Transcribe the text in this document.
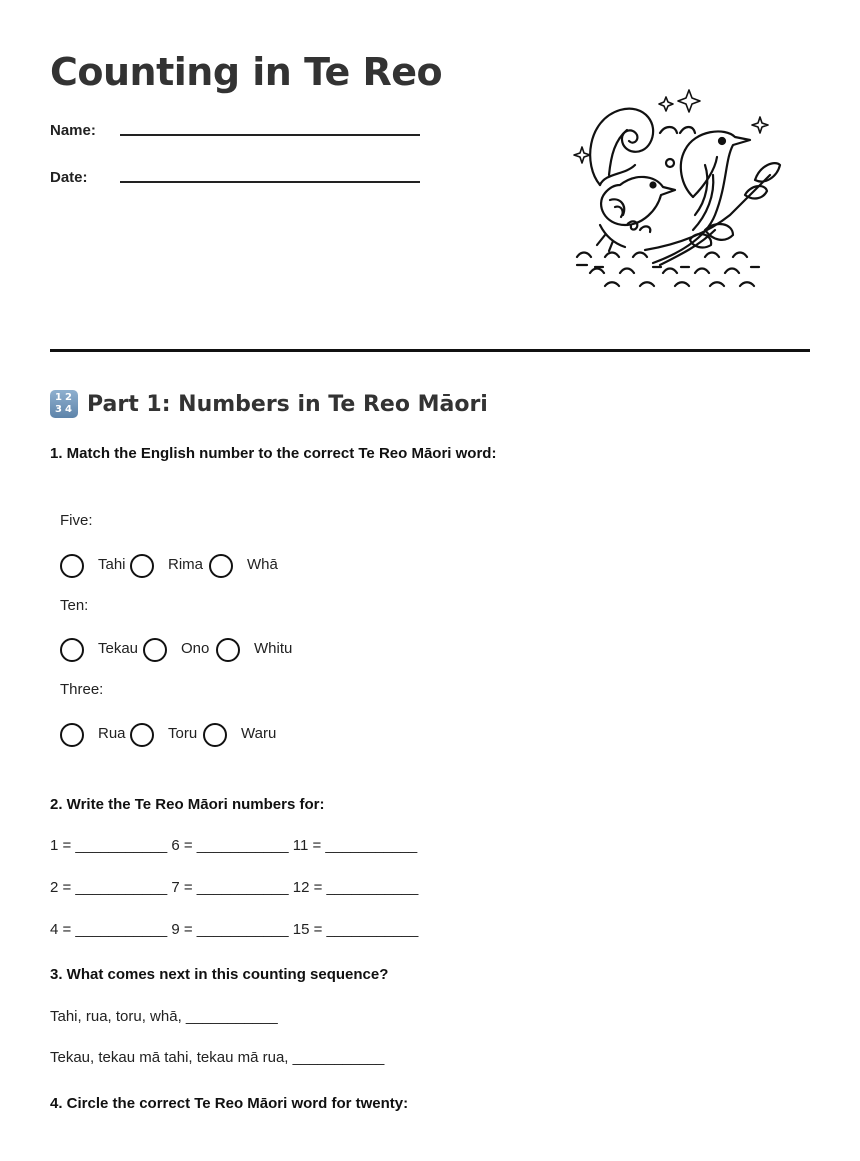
Counting in Te Reo
Name:
Date:
1 2
3 4 Part 1: Numbers in Te Reo Māori
1. Match the English number to the correct Te Reo Māori word:
Five:
Tahi	Rima	Whā
Ten:
Tekau	Ono	Whitu
Three:
Rua	Toru	Waru
2. Write the Te Reo Māori numbers for:
1 = ___________ 6 = ___________ 11 = ___________
2 = ___________ 7 = ___________ 12 = ___________
4 = ___________ 9 = ___________ 15 = ___________
3. What comes next in this counting sequence?
Tahi, rua, toru, whā, ___________
Tekau, tekau mā tahi, tekau mā rua, ___________
4. Circle the correct Te Reo Māori word for twenty:
